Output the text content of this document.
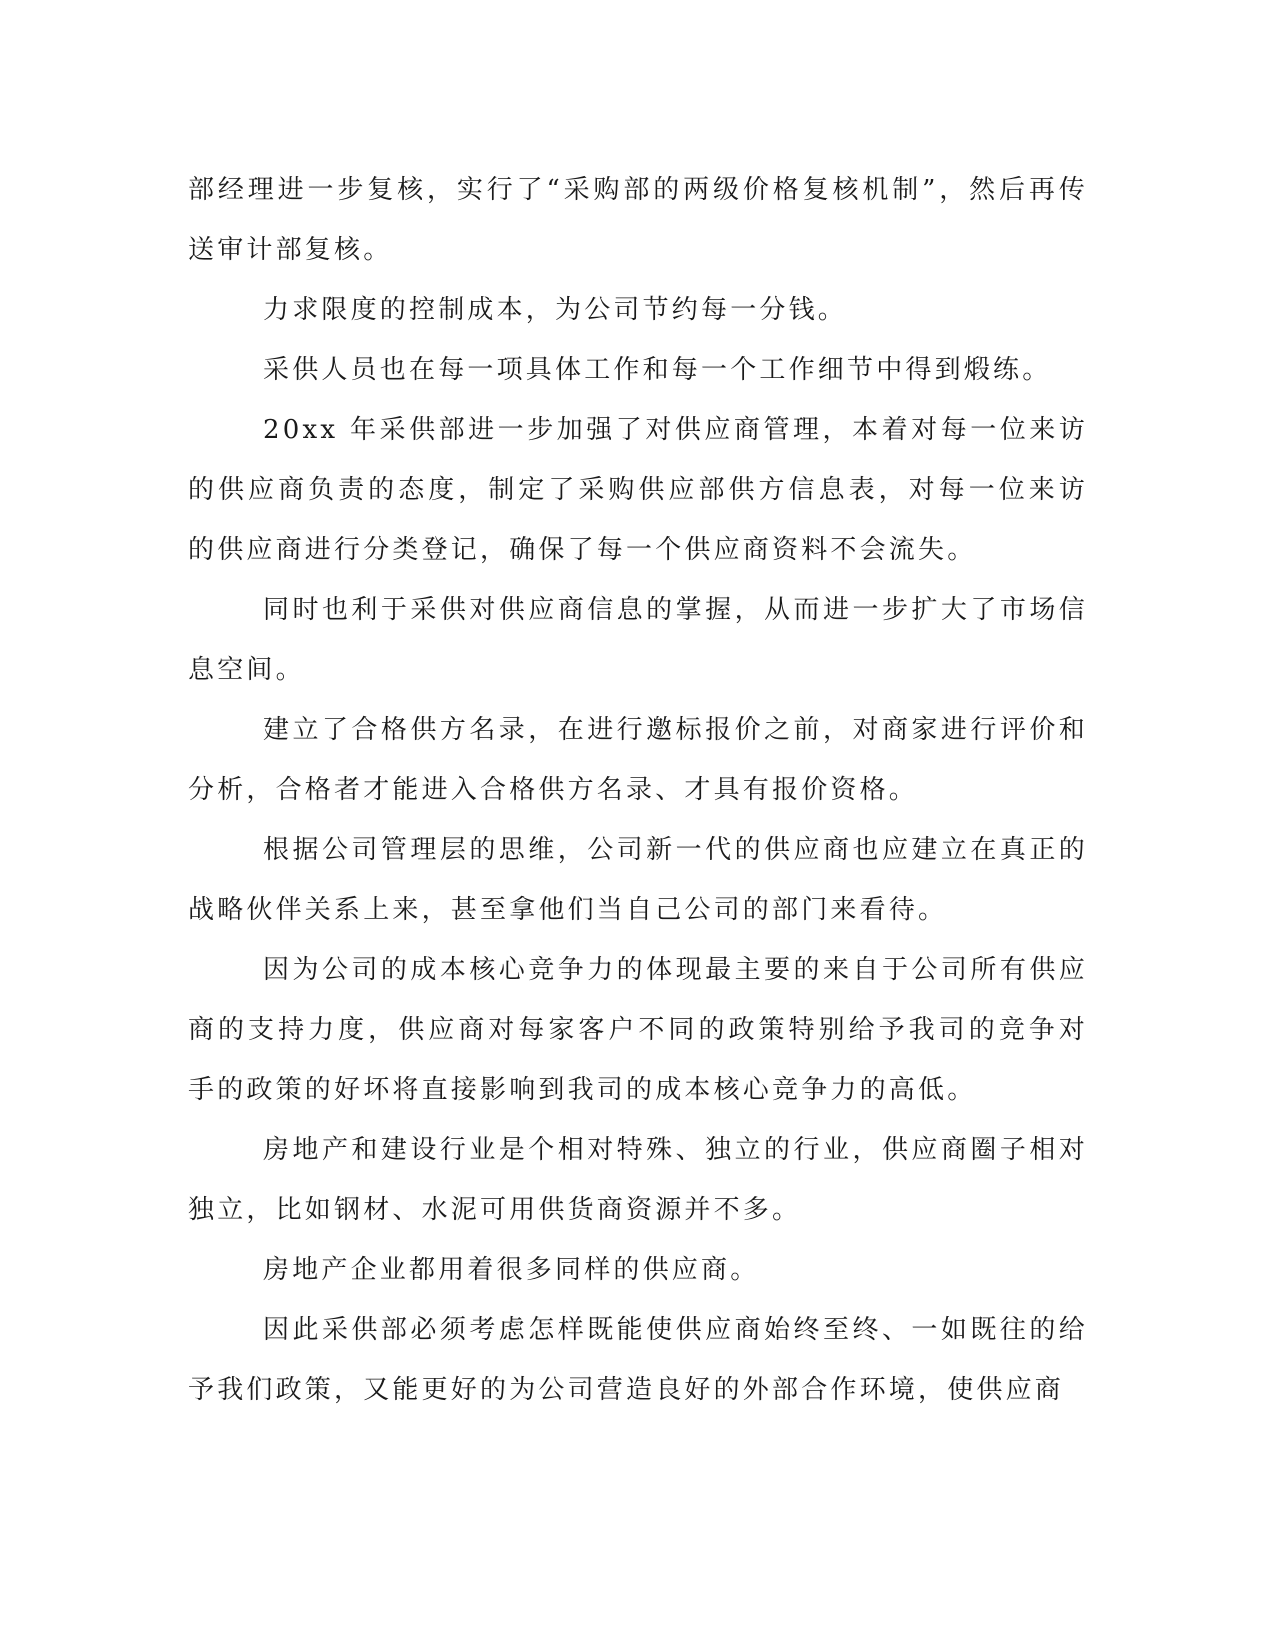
部经理进一步复核，实行了“采购部的两级价格复核机制”，然后再传送审计部复核。

力求限度的控制成本，为公司节约每一分钱。

采供人员也在每一项具体工作和每一个工作细节中得到煅练。

20xx 年采供部进一步加强了对供应商管理，本着对每一位来访的供应商负责的态度，制定了采购供应部供方信息表，对每一位来访的供应商进行分类登记，确保了每一个供应商资料不会流失。

同时也利于采供对供应商信息的掌握，从而进一步扩大了市场信息空间。

建立了合格供方名录，在进行邀标报价之前，对商家进行评价和分析，合格者才能进入合格供方名录、才具有报价资格。

根据公司管理层的思维，公司新一代的供应商也应建立在真正的战略伙伴关系上来，甚至拿他们当自己公司的部门来看待。

因为公司的成本核心竞争力的体现最主要的来自于公司所有供应商的支持力度，供应商对每家客户不同的政策特别给予我司的竞争对手的政策的好坏将直接影响到我司的成本核心竞争力的高低。

房地产和建设行业是个相对特殊、独立的行业，供应商圈子相对独立，比如钢材、水泥可用供货商资源并不多。

房地产企业都用着很多同样的供应商。

因此采供部必须考虑怎样既能使供应商始终至终、一如既往的给予我们政策，又能更好的为公司营造良好的外部合作环境，使供应商
